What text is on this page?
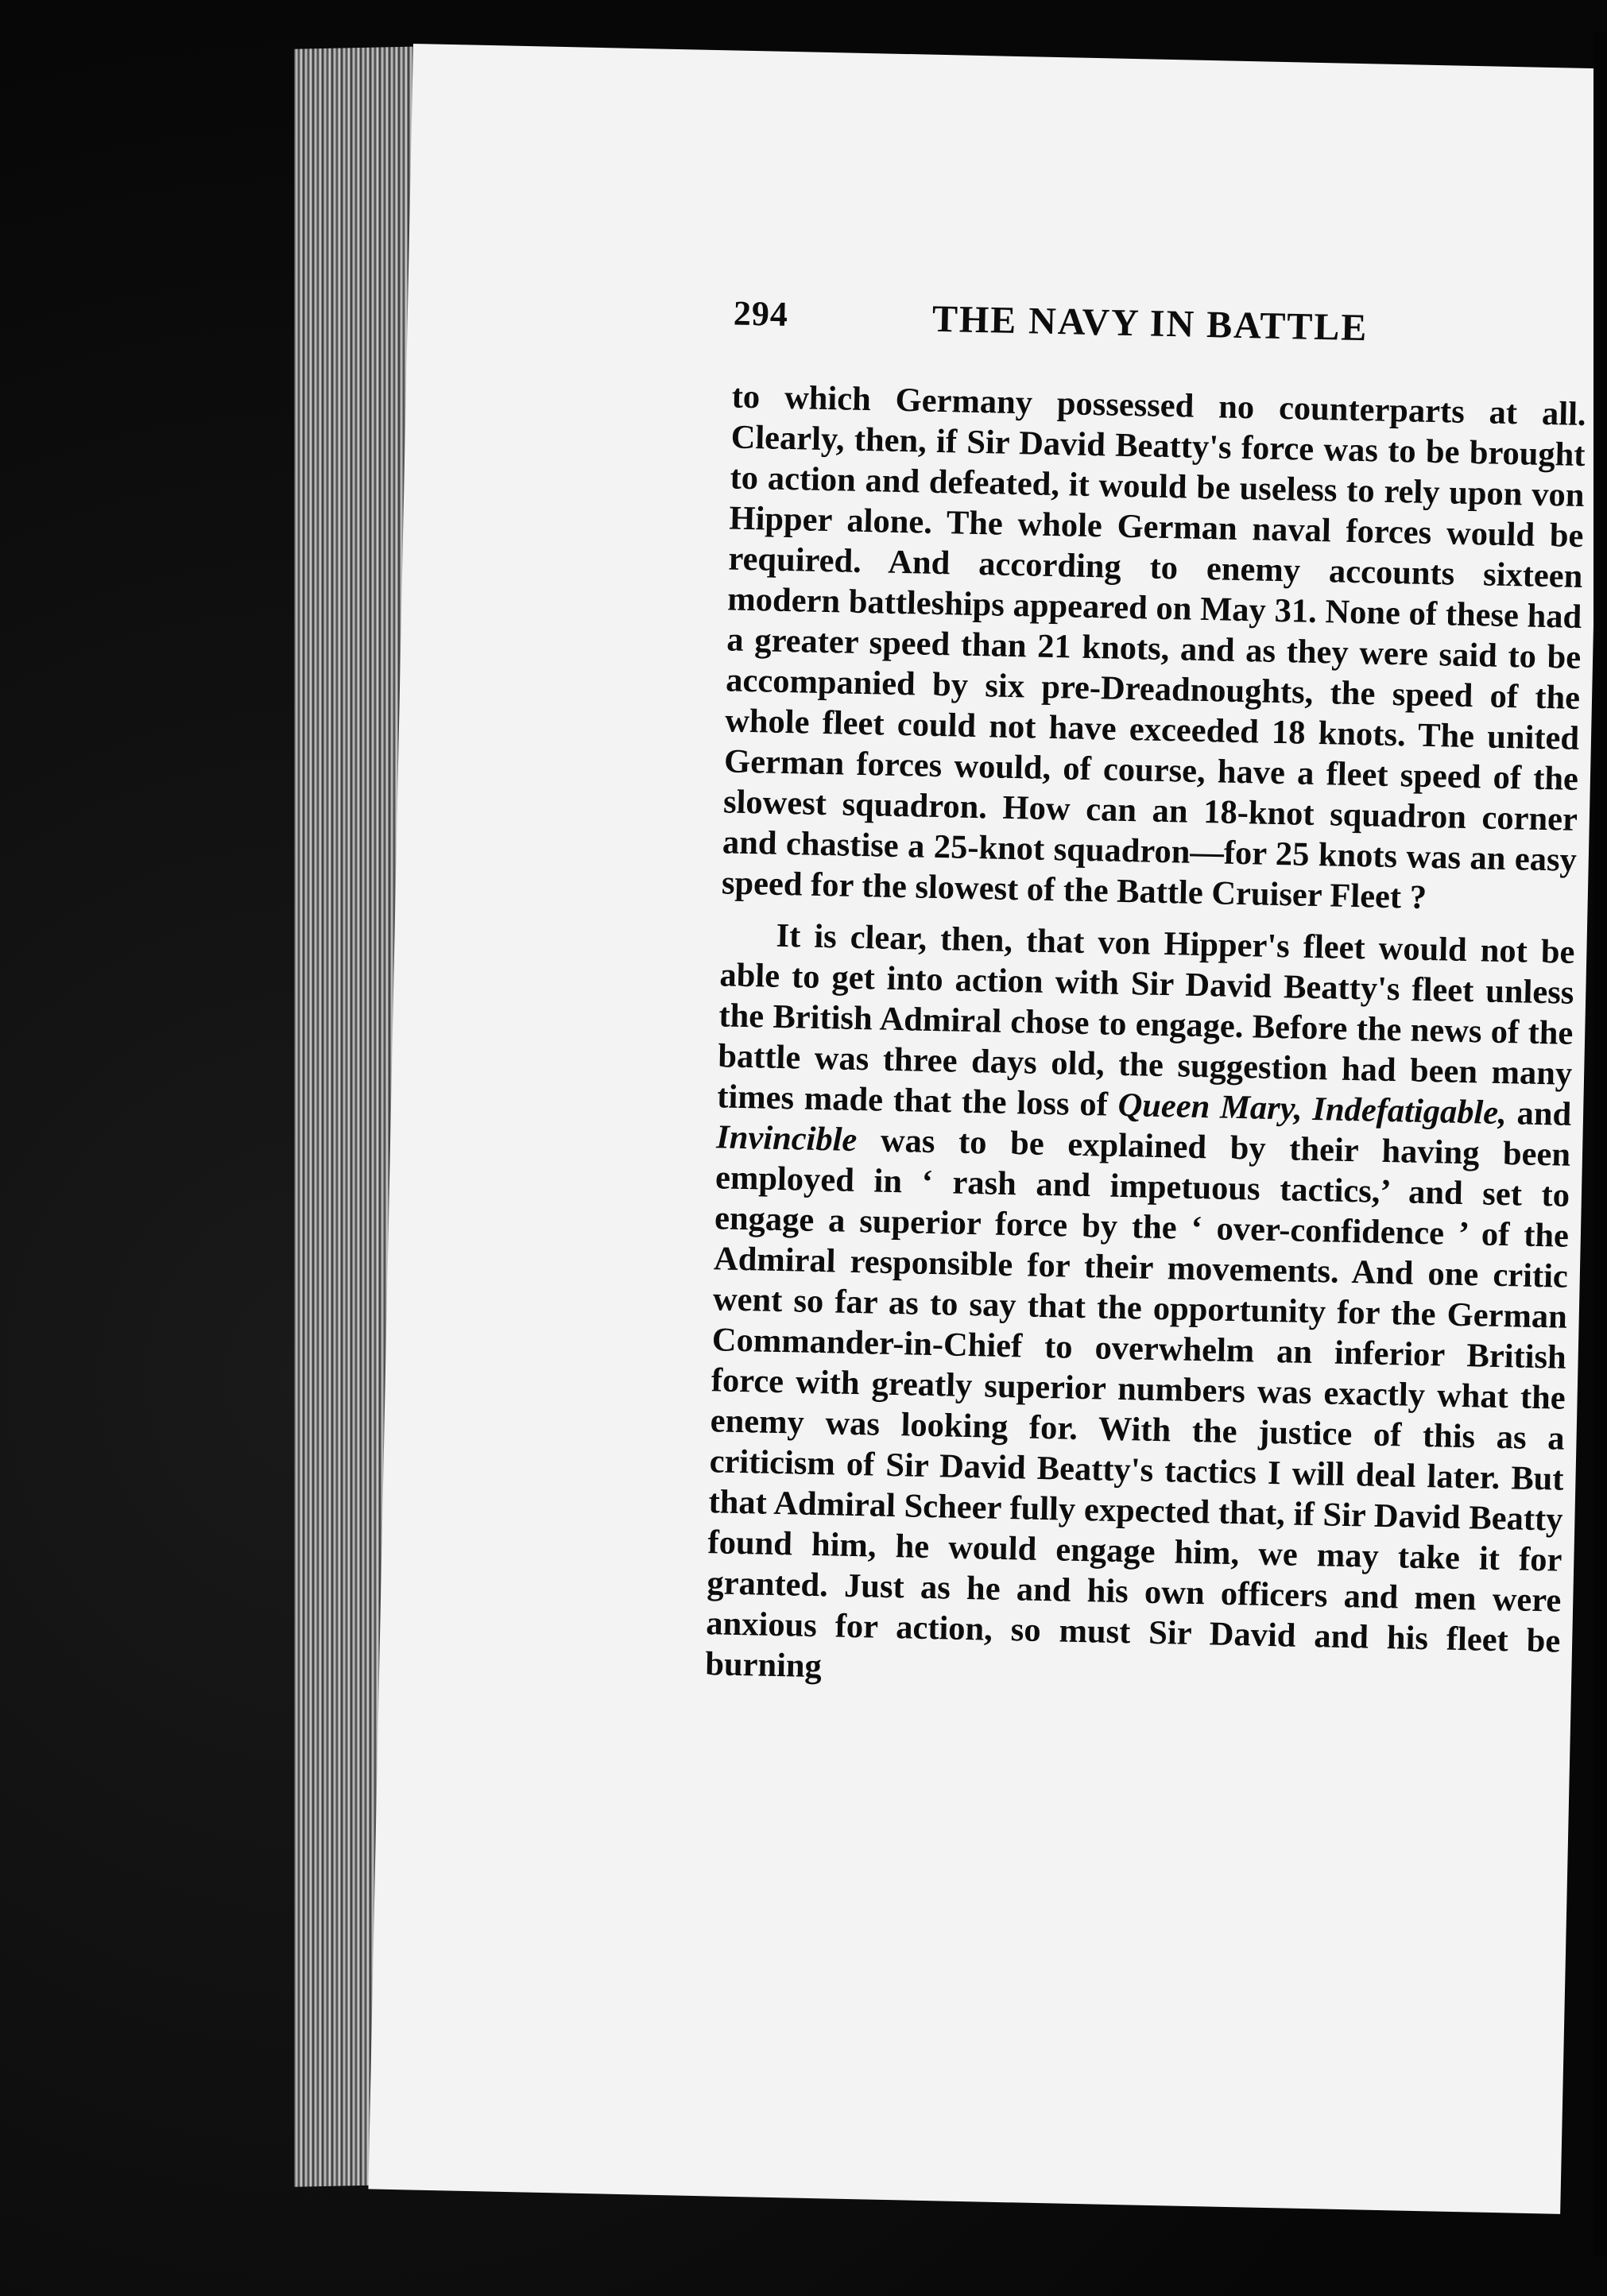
294	THE NAVY IN BATTLE

to which Germany possessed no counterparts at all. Clearly, then, if Sir David Beatty's force was to be brought to action and defeated, it would be useless to rely upon von Hipper alone. The whole German naval forces would be required. And according to enemy accounts sixteen modern battleships appeared on May 31. None of these had a greater speed than 21 knots, and as they were said to be accompanied by six pre-Dreadnoughts, the speed of the whole fleet could not have exceeded 18 knots. The united German forces would, of course, have a fleet speed of the slowest squadron. How can an 18-knot squadron corner and chastise a 25-knot squadron—for 25 knots was an easy speed for the slowest of the Battle Cruiser Fleet ?

It is clear, then, that von Hipper's fleet would not be able to get into action with Sir David Beatty's fleet unless the British Admiral chose to engage. Before the news of the battle was three days old, the suggestion had been many times made that the loss of Queen Mary, Indefatigable, and Invincible was to be explained by their having been employed in ‘ rash and impetuous tactics,’ and set to engage a superior force by the ‘ over-confidence ’ of the Admiral responsible for their movements. And one critic went so far as to say that the opportunity for the German Commander-in-Chief to overwhelm an inferior British force with greatly superior numbers was exactly what the enemy was looking for. With the justice of this as a criticism of Sir David Beatty's tactics I will deal later. But that Admiral Scheer fully expected that, if Sir David Beatty found him, he would engage him, we may take it for granted. Just as he and his own officers and men were anxious for action, so must Sir David and his fleet be burning
